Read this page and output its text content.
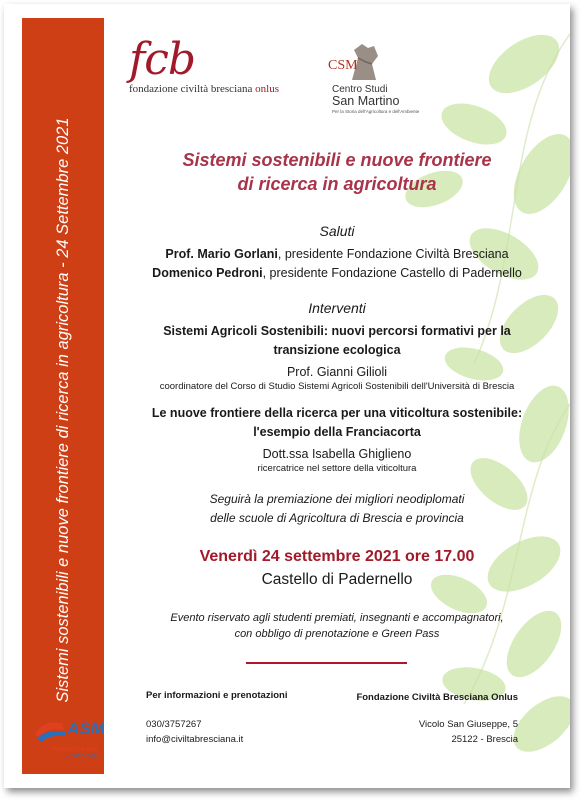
Sistemi sostenibili e nuove frontiere di ricerca in agricoltura - 24 Settembre 2021
fcb
fondazione civiltà bresciana onlus
CSM
Centro Studi
San Martino
Per la Storia dell'Agricoltura e dell'Ambiente
Sistemi sostenibili e nuove frontiere
di ricerca in agricoltura
Saluti
Prof. Mario Gorlani, presidente Fondazione Civiltà Bresciana
Domenico Pedroni, presidente Fondazione Castello di Padernello
Interventi
Sistemi Agricoli Sostenibili: nuovi percorsi formativi per la
transizione ecologica
Prof. Gianni Gilioli
coordinatore del Corso di Studio Sistemi Agricoli Sostenibili dell'Università di Brescia
Le nuove frontiere della ricerca per una viticoltura sostenibile:
l'esempio della Franciacorta
Dott.ssa Isabella Ghiglieno
ricercatrice nel settore della viticoltura
Seguirà la premiazione dei migliori neodiplomati
delle scuole di Agricoltura di Brescia e provincia
Venerdì 24 settembre 2021 ore 17.00
Castello di Padernello
Evento riservato agli studenti premiati, insegnanti e accompagnatori,
con obbligo di prenotazione e Green Pass
Per informazioni e prenotazioni
030/3757267
info@civiltabresciana.it
Fondazione Civiltà Bresciana Onlus
Vicolo San Giuseppe, 5
25122 - Brescia
ASM
FONDAZIONE ASM
GRUPPO A2A
